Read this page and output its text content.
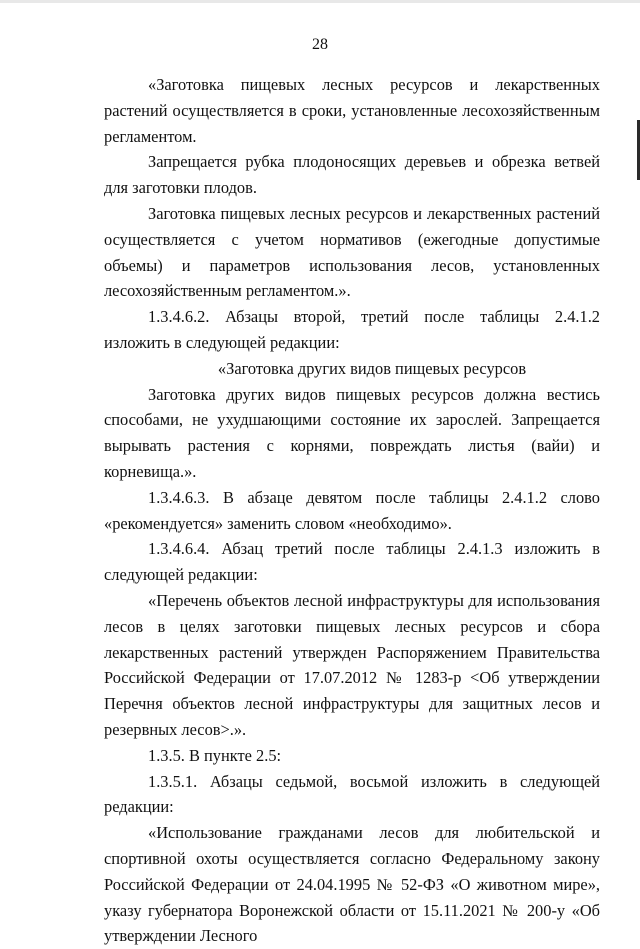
28

«Заготовка пищевых лесных ресурсов и лекарственных растений осуществляется в сроки, установленные лесохозяйственным регламентом.

Запрещается рубка плодоносящих деревьев и обрезка ветвей для заготовки плодов.

Заготовка пищевых лесных ресурсов и лекарственных растений осуществляется с учетом нормативов (ежегодные допустимые объемы) и параметров использования лесов, установленных лесохозяйственным регламентом.».

1.3.4.6.2. Абзацы второй, третий после таблицы 2.4.1.2 изложить в следующей редакции:

«Заготовка других видов пищевых ресурсов

Заготовка других видов пищевых ресурсов должна вестись способами, не ухудшающими состояние их зарослей. Запрещается вырывать растения с корнями, повреждать листья (вайи) и корневища.».

1.3.4.6.3. В абзаце девятом после таблицы 2.4.1.2 слово «рекомендуется» заменить словом «необходимо».

1.3.4.6.4. Абзац третий после таблицы 2.4.1.3 изложить в следующей редакции:

«Перечень объектов лесной инфраструктуры для использования лесов в целях заготовки пищевых лесных ресурсов и сбора лекарственных растений утвержден Распоряжением Правительства Российской Федерации от 17.07.2012 № 1283-р <Об утверждении Перечня объектов лесной инфраструктуры для защитных лесов и резервных лесов>.».

1.3.5. В пункте 2.5:

1.3.5.1. Абзацы седьмой, восьмой изложить в следующей редакции:

«Использование гражданами лесов для любительской и спортивной охоты осуществляется согласно Федеральному закону Российской Федерации от 24.04.1995 № 52-ФЗ «О животном мире», указу губернатора Воронежской области от 15.11.2021 № 200-у «Об утверждении Лесного
